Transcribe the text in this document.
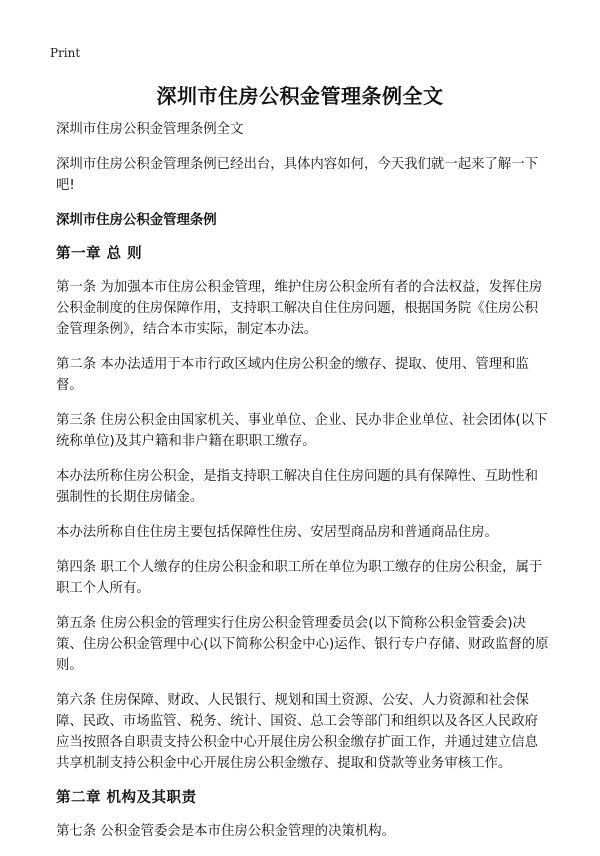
Print
深圳市住房公积金管理条例全文

深圳市住房公积金管理条例全文

深圳市住房公积金管理条例已经出台，具体内容如何，今天我们就一起来了解一下吧!

深圳市住房公积金管理条例
第一章 总 则

第一条 为加强本市住房公积金管理，维护住房公积金所有者的合法权益，发挥住房公积金制度的住房保障作用，支持职工解决自住住房问题，根据国务院《住房公积金管理条例》，结合本市实际，制定本办法。

第二条 本办法适用于本市行政区域内住房公积金的缴存、提取、使用、管理和监督。

第三条 住房公积金由国家机关、事业单位、企业、民办非企业单位、社会团体(以下统称单位)及其户籍和非户籍在职职工缴存。

本办法所称住房公积金，是指支持职工解决自住住房问题的具有保障性、互助性和强制性的长期住房储金。

本办法所称自住住房主要包括保障性住房、安居型商品房和普通商品住房。

第四条 职工个人缴存的住房公积金和职工所在单位为职工缴存的住房公积金，属于职工个人所有。

第五条 住房公积金的管理实行住房公积金管理委员会(以下简称公积金管委会)决策、住房公积金管理中心(以下简称公积金中心)运作、银行专户存储、财政监督的原则。

第六条 住房保障、财政、人民银行、规划和国土资源、公安、人力资源和社会保障、民政、市场监管、税务、统计、国资、总工会等部门和组织以及各区人民政府应当按照各自职责支持公积金中心开展住房公积金缴存扩面工作，并通过建立信息共享机制支持公积金中心开展住房公积金缴存、提取和贷款等业务审核工作。

第二章 机构及其职责

第七条 公积金管委会是本市住房公积金管理的决策机构。
